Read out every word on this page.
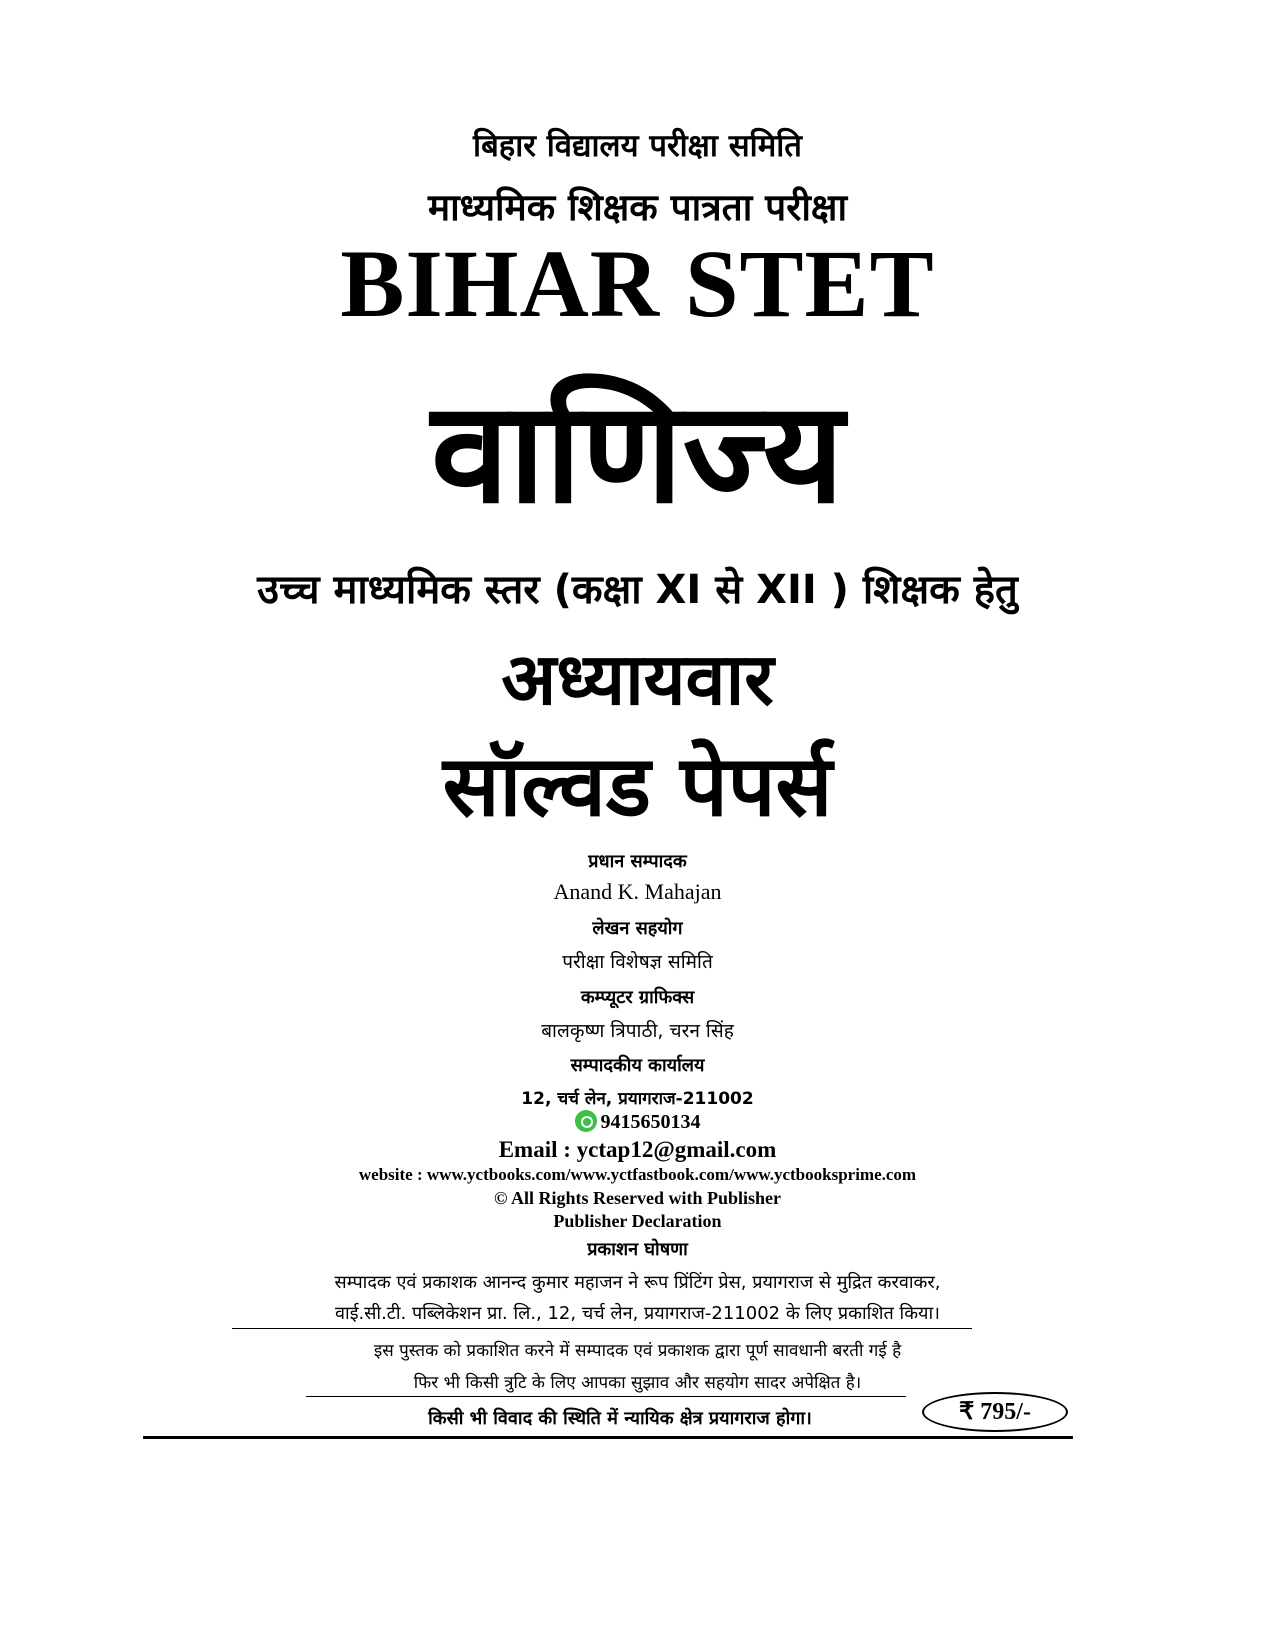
बिहार विद्यालय परीक्षा समिति
माध्यमिक शिक्षक पात्रता परीक्षा
BIHAR STET
वाणिज्य
उच्च माध्यमिक स्तर (कक्षा XI से XII ) शिक्षक हेतु
अध्यायवार
सॉल्वड पेपर्स
प्रधान सम्पादक
Anand K. Mahajan
लेखन सहयोग
परीक्षा विशेषज्ञ समिति
कम्प्यूटर ग्राफिक्स
बालकृष्ण त्रिपाठी, चरन सिंह
सम्पादकीय कार्यालय
12, चर्च लेन, प्रयागराज-211002
9415650134
Email : yctap12@gmail.com
website : www.yctbooks.com/www.yctfastbook.com/www.yctbooksprime.com
© All Rights Reserved with Publisher
Publisher Declaration
प्रकाशन घोषणा
सम्पादक एवं प्रकाशक आनन्द कुमार महाजन ने रूप प्रिंटिंग प्रेस, प्रयागराज से मुद्रित करवाकर,
वाई.सी.टी. पब्लिकेशन प्रा. लि., 12, चर्च लेन, प्रयागराज-211002 के लिए प्रकाशित किया।
इस पुस्तक को प्रकाशित करने में सम्पादक एवं प्रकाशक द्वारा पूर्ण सावधानी बरती गई है
फिर भी किसी त्रुटि के लिए आपका सुझाव और सहयोग सादर अपेक्षित है।
किसी भी विवाद की स्थिति में न्यायिक क्षेत्र प्रयागराज होगा।	₹ 795/-
